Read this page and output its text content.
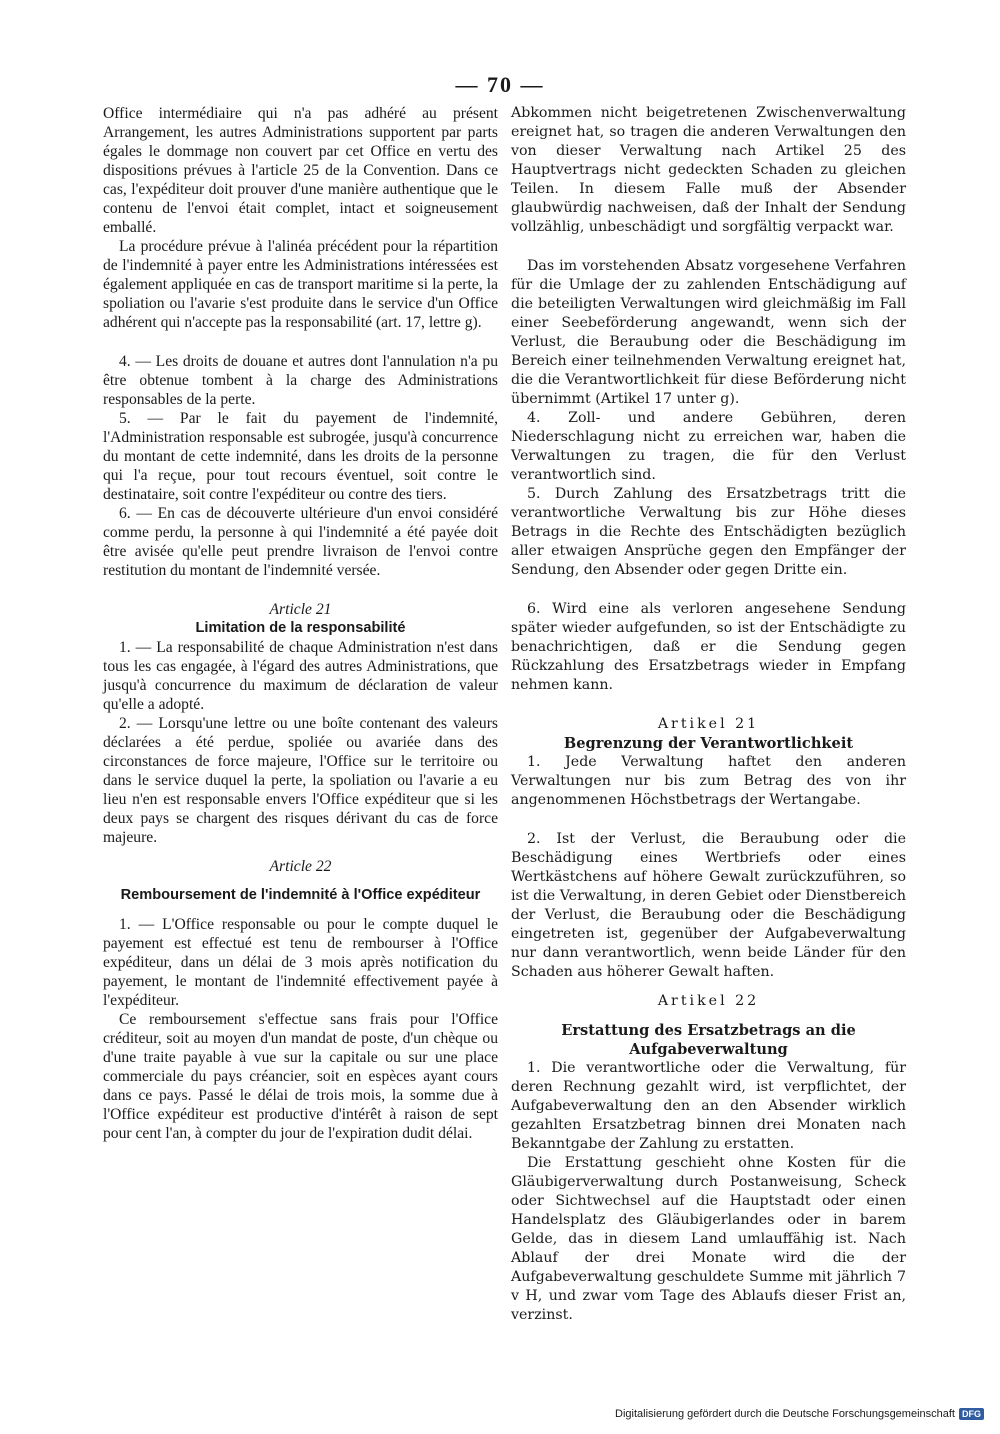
— 70 —

Office intermédiaire qui n'a pas adhéré au présent Arrangement, les autres Administrations supportent par parts égales le dommage non couvert par cet Office en vertu des dispositions prévues à l'article 25 de la Convention. Dans ce cas, l'expéditeur doit prouver d'une manière authentique que le contenu de l'envoi était complet, intact et soigneusement emballé.

La procédure prévue à l'alinéa précédent pour la répartition de l'indemnité à payer entre les Administrations intéressées est également appliquée en cas de transport maritime si la perte, la spoliation ou l'avarie s'est produite dans le service d'un Office adhérent qui n'accepte pas la responsabilité (art. 17, lettre g).

4. — Les droits de douane et autres dont l'annulation n'a pu être obtenue tombent à la charge des Administrations responsables de la perte.

5. — Par le fait du payement de l'indemnité, l'Administration responsable est subrogée, jusqu'à concurrence du montant de cette indemnité, dans les droits de la personne qui l'a reçue, pour tout recours éventuel, soit contre le destinataire, soit contre l'expéditeur ou contre des tiers.

6. — En cas de découverte ultérieure d'un envoi considéré comme perdu, la personne à qui l'indemnité a été payée doit être avisée qu'elle peut prendre livraison de l'envoi contre restitution du montant de l'indemnité versée.

Article 21

Limitation de la responsabilité

1. — La responsabilité de chaque Administration n'est dans tous les cas engagée, à l'égard des autres Administrations, que jusqu'à concurrence du maximum de déclaration de valeur qu'elle a adopté.

2. — Lorsqu'une lettre ou une boîte contenant des valeurs déclarées a été perdue, spoliée ou avariée dans des circonstances de force majeure, l'Office sur le territoire ou dans le service duquel la perte, la spoliation ou l'avarie a eu lieu n'en est responsable envers l'Office expéditeur que si les deux pays se chargent des risques dérivant du cas de force majeure.

Article 22

Remboursement de l'indemnité à l'Office expéditeur

1. — L'Office responsable ou pour le compte duquel le payement est effectué est tenu de rembourser à l'Office expéditeur, dans un délai de 3 mois après notification du payement, le montant de l'indemnité effectivement payée à l'expéditeur.

Ce remboursement s'effectue sans frais pour l'Office créditeur, soit au moyen d'un mandat de poste, d'un chèque ou d'une traite payable à vue sur la capitale ou sur une place commerciale du pays créancier, soit en espèces ayant cours dans ce pays. Passé le délai de trois mois, la somme due à l'Office expéditeur est productive d'intérêt à raison de sept pour cent l'an, à compter du jour de l'expiration dudit délai.

Abkommen nicht beigetretenen Zwischenverwaltung ereignet hat, so tragen die anderen Verwaltungen den von dieser Verwaltung nach Artikel 25 des Hauptvertrags nicht gedeckten Schaden zu gleichen Teilen. In diesem Falle muß der Absender glaubwürdig nachweisen, daß der Inhalt der Sendung vollzählig, unbeschädigt und sorgfältig verpackt war.

Das im vorstehenden Absatz vorgesehene Verfahren für die Umlage der zu zahlenden Entschädigung auf die beteiligten Verwaltungen wird gleichmäßig im Fall einer Seebeförderung angewandt, wenn sich der Verlust, die Beraubung oder die Beschädigung im Bereich einer teilnehmenden Verwaltung ereignet hat, die die Verantwortlichkeit für diese Beförderung nicht übernimmt (Artikel 17 unter g).

4. Zoll- und andere Gebühren, deren Niederschlagung nicht zu erreichen war, haben die Verwaltungen zu tragen, die für den Verlust verantwortlich sind.

5. Durch Zahlung des Ersatzbetrags tritt die verantwortliche Verwaltung bis zur Höhe dieses Betrags in die Rechte des Entschädigten bezüglich aller etwaigen Ansprüche gegen den Empfänger der Sendung, den Absender oder gegen Dritte ein.

6. Wird eine als verloren angesehene Sendung später wieder aufgefunden, so ist der Entschädigte zu benachrichtigen, daß er die Sendung gegen Rückzahlung des Ersatzbetrags wieder in Empfang nehmen kann.

Artikel 21

Begrenzung der Verantwortlichkeit

1. Jede Verwaltung haftet den anderen Verwaltungen nur bis zum Betrag des von ihr angenommenen Höchstbetrags der Wertangabe.

2. Ist der Verlust, die Beraubung oder die Beschädigung eines Wertbriefs oder eines Wertkästchens auf höhere Gewalt zurückzuführen, so ist die Verwaltung, in deren Gebiet oder Dienstbereich der Verlust, die Beraubung oder die Beschädigung eingetreten ist, gegenüber der Aufgabeverwaltung nur dann verantwortlich, wenn beide Länder für den Schaden aus höherer Gewalt haften.

Artikel 22

Erstattung des Ersatzbetrags an die Aufgabeverwaltung

1. Die verantwortliche oder die Verwaltung, für deren Rechnung gezahlt wird, ist verpflichtet, der Aufgabeverwaltung den an den Absender wirklich gezahlten Ersatzbetrag binnen drei Monaten nach Bekanntgabe der Zahlung zu erstatten.

Die Erstattung geschieht ohne Kosten für die Gläubigerverwaltung durch Postanweisung, Scheck oder Sichtwechsel auf die Hauptstadt oder einen Handelsplatz des Gläubigerlandes oder in barem Gelde, das in diesem Land umlauffähig ist. Nach Ablauf der drei Monate wird die der Aufgabeverwaltung geschuldete Summe mit jährlich 7 v H, und zwar vom Tage des Ablaufs dieser Frist an, verzinst.

Digitalisierung gefördert durch die Deutsche Forschungsgemeinschaft DFG
